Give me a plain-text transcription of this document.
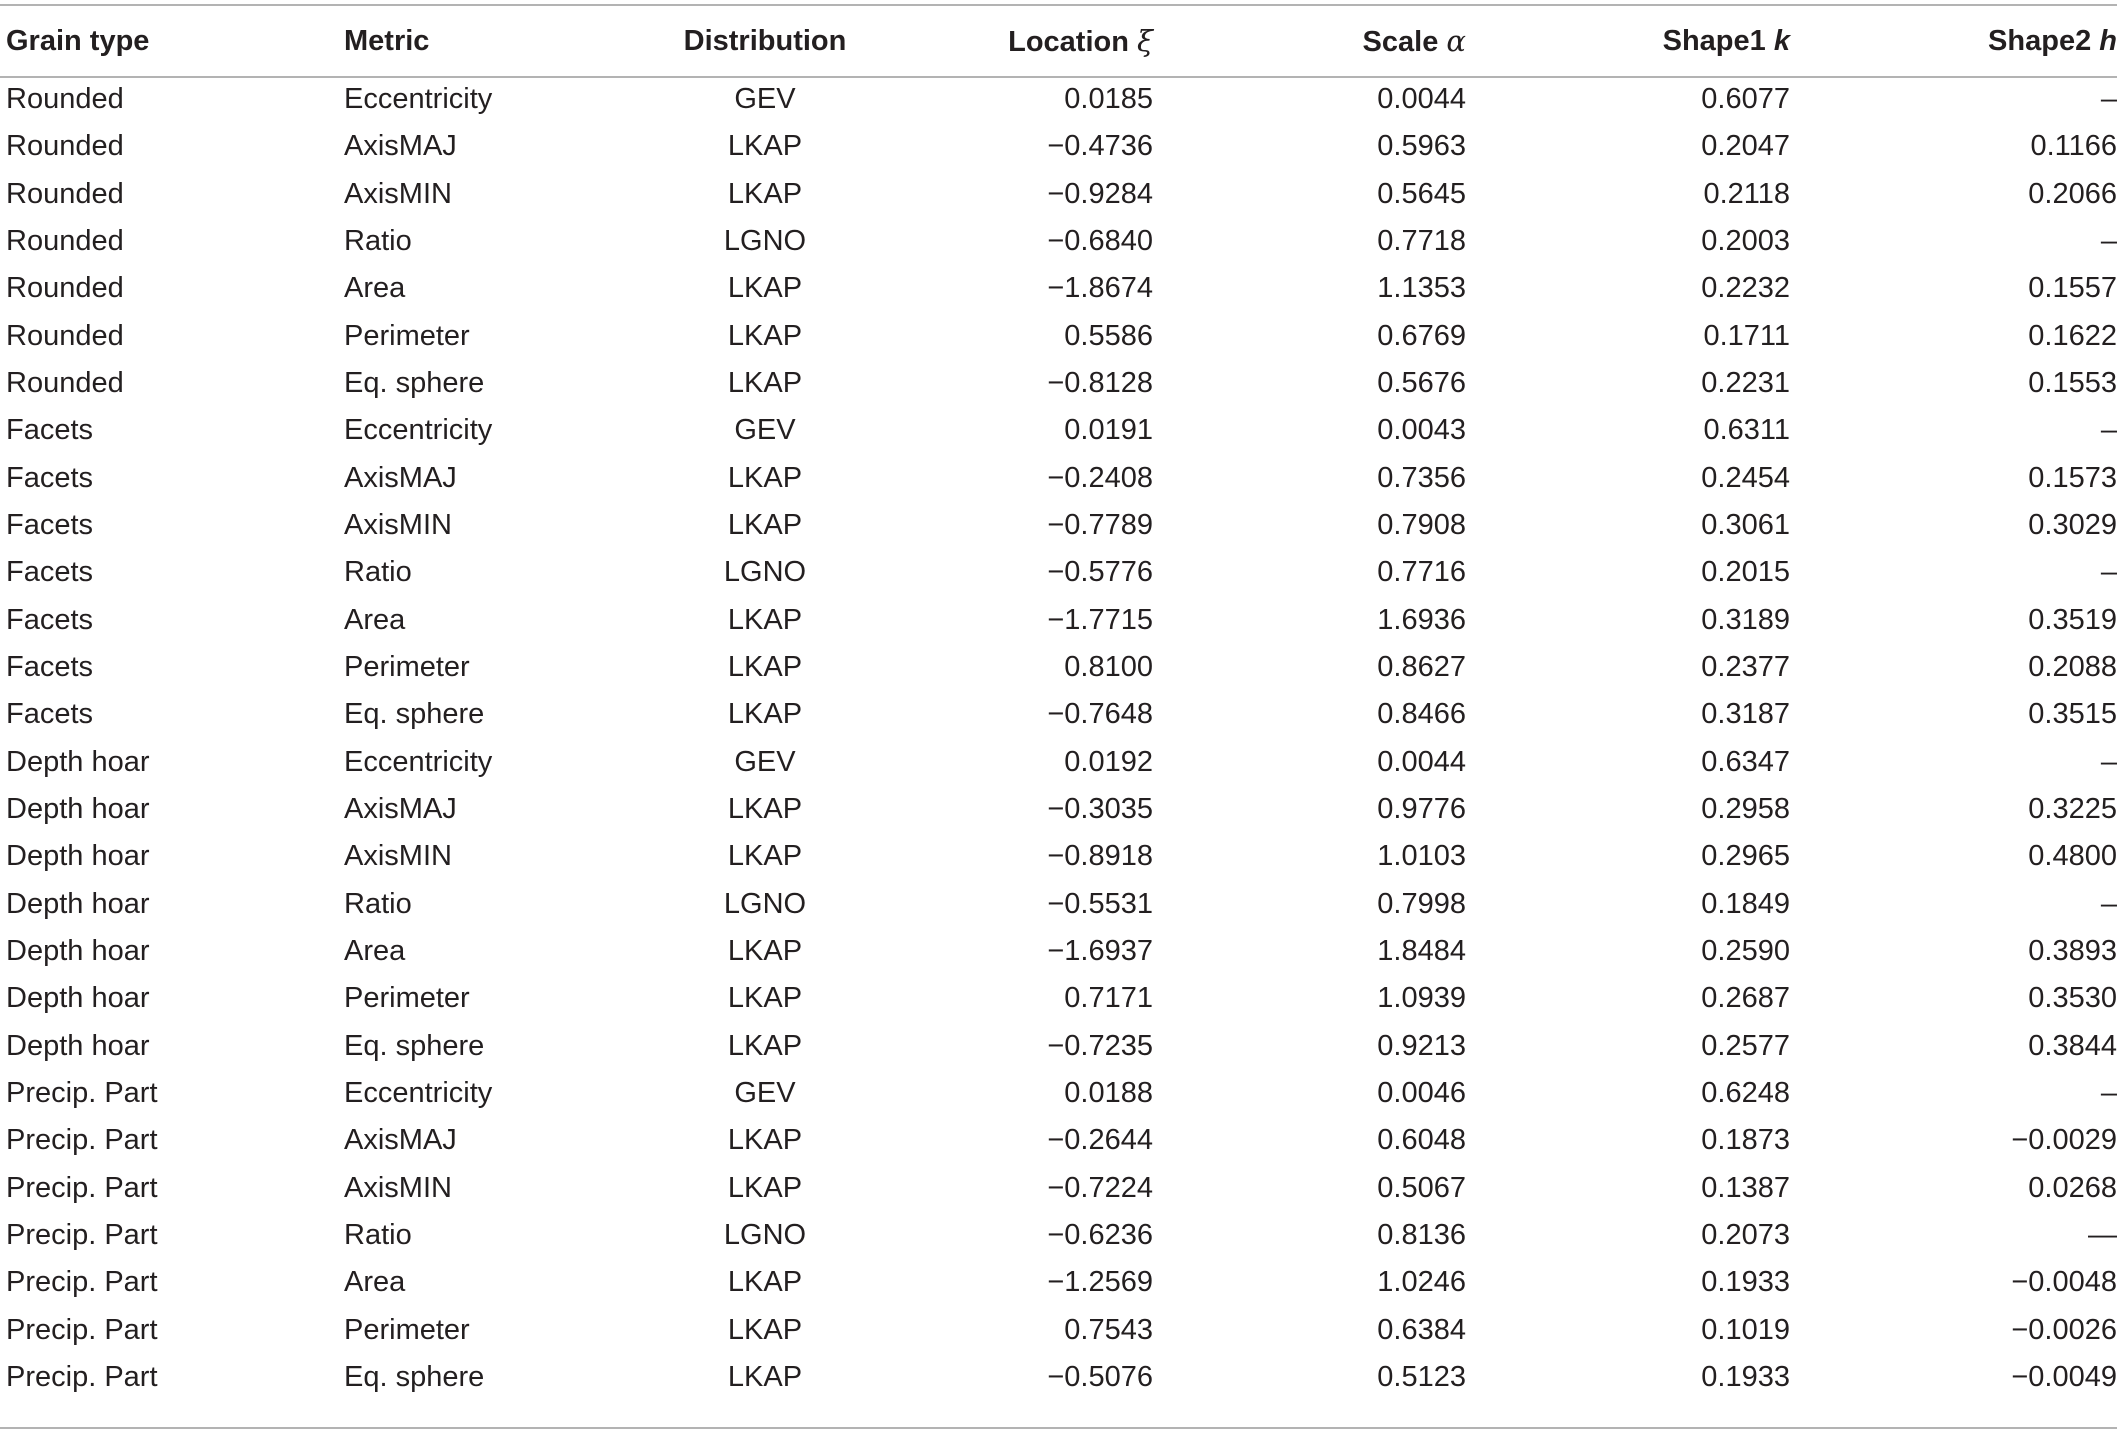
Grain type	Metric	Distribution	Location ξ	Scale α	Shape1 k	Shape2 h
Rounded	Eccentricity	GEV	0.0185	0.0044	0.6077	–
Rounded	AxisMAJ	LKAP	−0.4736	0.5963	0.2047	0.1166
Rounded	AxisMIN	LKAP	−0.9284	0.5645	0.2118	0.2066
Rounded	Ratio	LGNO	−0.6840	0.7718	0.2003	–
Rounded	Area	LKAP	−1.8674	1.1353	0.2232	0.1557
Rounded	Perimeter	LKAP	0.5586	0.6769	0.1711	0.1622
Rounded	Eq. sphere	LKAP	−0.8128	0.5676	0.2231	0.1553
Facets	Eccentricity	GEV	0.0191	0.0043	0.6311	–
Facets	AxisMAJ	LKAP	−0.2408	0.7356	0.2454	0.1573
Facets	AxisMIN	LKAP	−0.7789	0.7908	0.3061	0.3029
Facets	Ratio	LGNO	−0.5776	0.7716	0.2015	–
Facets	Area	LKAP	−1.7715	1.6936	0.3189	0.3519
Facets	Perimeter	LKAP	0.8100	0.8627	0.2377	0.2088
Facets	Eq. sphere	LKAP	−0.7648	0.8466	0.3187	0.3515
Depth hoar	Eccentricity	GEV	0.0192	0.0044	0.6347	–
Depth hoar	AxisMAJ	LKAP	−0.3035	0.9776	0.2958	0.3225
Depth hoar	AxisMIN	LKAP	−0.8918	1.0103	0.2965	0.4800
Depth hoar	Ratio	LGNO	−0.5531	0.7998	0.1849	–
Depth hoar	Area	LKAP	−1.6937	1.8484	0.2590	0.3893
Depth hoar	Perimeter	LKAP	0.7171	1.0939	0.2687	0.3530
Depth hoar	Eq. sphere	LKAP	−0.7235	0.9213	0.2577	0.3844
Precip. Part	Eccentricity	GEV	0.0188	0.0046	0.6248	–
Precip. Part	AxisMAJ	LKAP	−0.2644	0.6048	0.1873	−0.0029
Precip. Part	AxisMIN	LKAP	−0.7224	0.5067	0.1387	0.0268
Precip. Part	Ratio	LGNO	−0.6236	0.8136	0.2073	—
Precip. Part	Area	LKAP	−1.2569	1.0246	0.1933	−0.0048
Precip. Part	Perimeter	LKAP	0.7543	0.6384	0.1019	−0.0026
Precip. Part	Eq. sphere	LKAP	−0.5076	0.5123	0.1933	−0.0049
